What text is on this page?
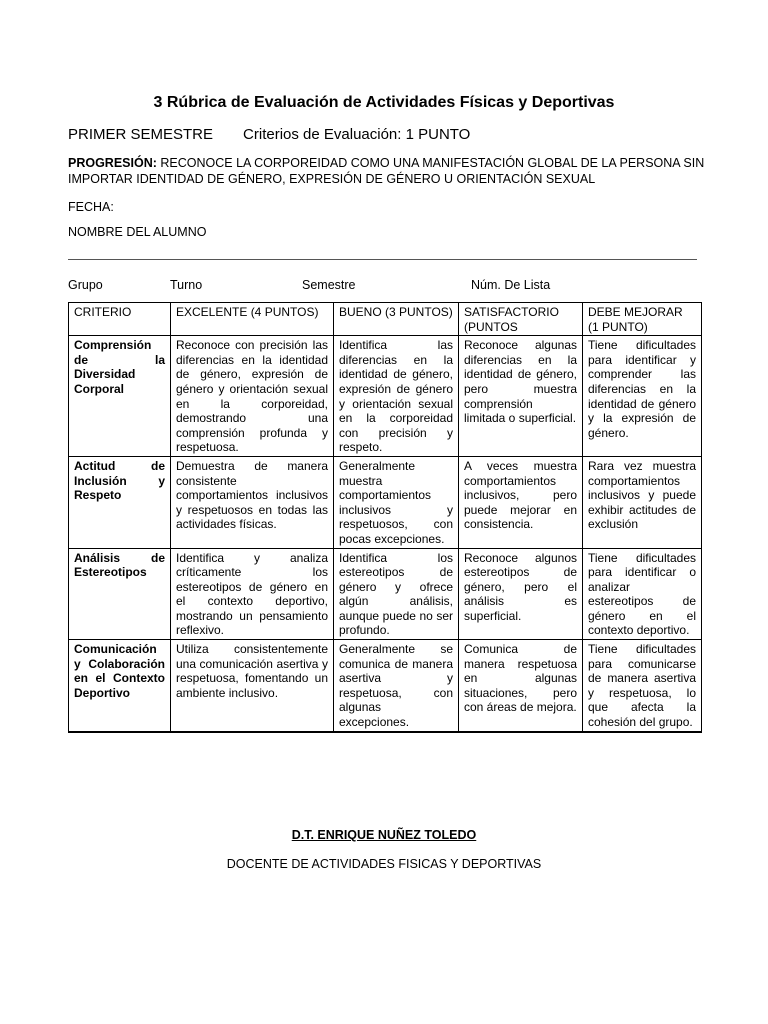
3 Rúbrica de Evaluación de Actividades Físicas y Deportivas
PRIMER SEMESTRE Criterios de Evaluación: 1 PUNTO
PROGRESIÓN: RECONOCE LA CORPOREIDAD COMO UNA MANIFESTACIÓN GLOBAL DE LA PERSONA SIN IMPORTAR IDENTIDAD DE GÉNERO, EXPRESIÓN DE GÉNERO U ORIENTACIÓN SEXUAL
FECHA:
NOMBRE DEL ALUMNO
Grupo	Turno	Semestre	Núm. De Lista
CRITERIO	EXCELENTE (4 PUNTOS)	BUENO (3 PUNTOS)	SATISFACTORIO (PUNTOS	DEBE MEJORAR (1 PUNTO)
Comprensión de la Diversidad Corporal	Reconoce con precisión las diferencias en la identidad de género, expresión de género y orientación sexual en la corporeidad, demostrando una comprensión profunda y respetuosa.	Identifica las diferencias en la identidad de género, expresión de género y orientación sexual en la corporeidad con precisión y respeto.	Reconoce algunas diferencias en la identidad de género, pero muestra comprensión limitada o superficial.	Tiene dificultades para identificar y comprender las diferencias en la identidad de género y la expresión de género.
Actitud de Inclusión y Respeto	Demuestra de manera consistente comportamientos inclusivos y respetuosos en todas las actividades físicas.	Generalmente muestra comportamientos inclusivos y respetuosos, con pocas excepciones.	A veces muestra comportamientos inclusivos, pero puede mejorar en consistencia.	Rara vez muestra comportamientos inclusivos y puede exhibir actitudes de exclusión
Análisis de Estereotipos	Identifica y analiza críticamente los estereotipos de género en el contexto deportivo, mostrando un pensamiento reflexivo.	Identifica los estereotipos de género y ofrece algún análisis, aunque puede no ser profundo.	Reconoce algunos estereotipos de género, pero el análisis es superficial.	Tiene dificultades para identificar o analizar estereotipos de género en el contexto deportivo.
Comunicación y Colaboración en el Contexto Deportivo	Utiliza consistentemente una comunicación asertiva y respetuosa, fomentando un ambiente inclusivo.	Generalmente se comunica de manera asertiva y respetuosa, con algunas excepciones.	Comunica de manera respetuosa en algunas situaciones, pero con áreas de mejora.	Tiene dificultades para comunicarse de manera asertiva y respetuosa, lo que afecta la cohesión del grupo.
D.T. ENRIQUE NUÑEZ TOLEDO
DOCENTE DE ACTIVIDADES FISICAS Y DEPORTIVAS
